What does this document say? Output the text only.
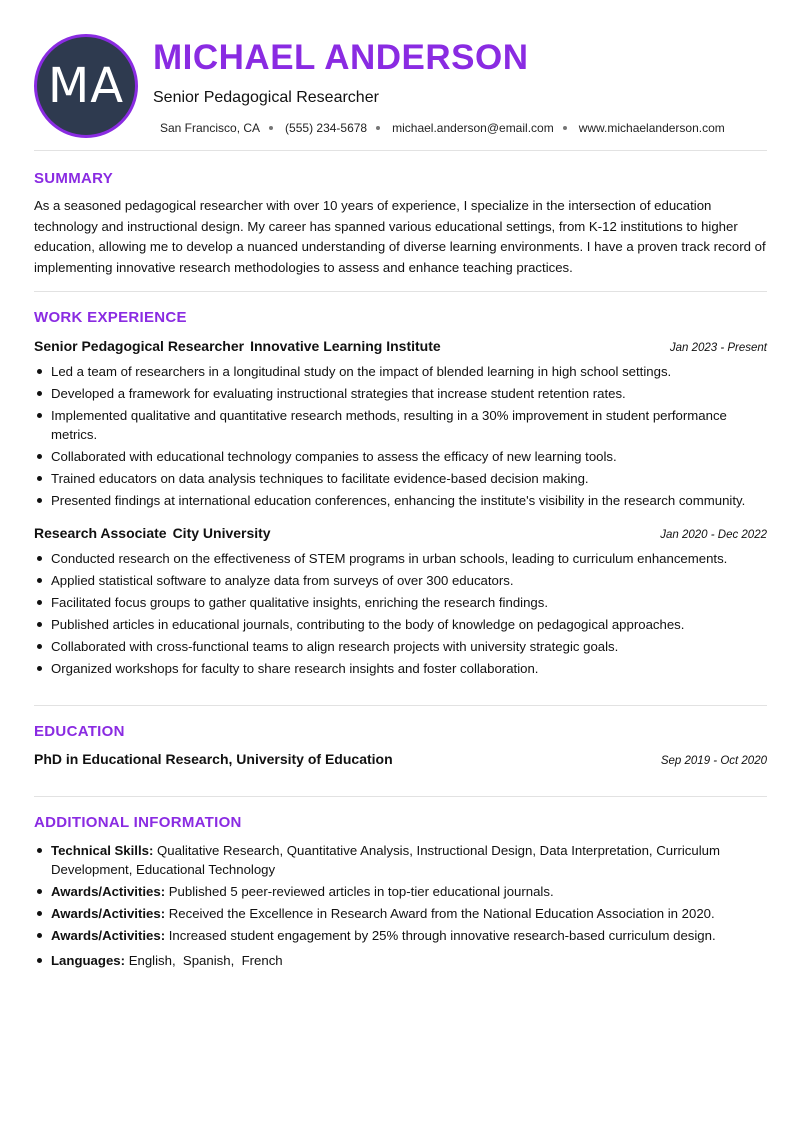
MA
MICHAEL ANDERSON
Senior Pedagogical Researcher
San Francisco, CA (555) 234-5678 michael.anderson@email.com www.michaelanderson.com
SUMMARY

As a seasoned pedagogical researcher with over 10 years of experience, I specialize in the intersection of education technology and instructional design. My career has spanned various educational settings, from K-12 institutions to higher education, allowing me to develop a nuanced understanding of diverse learning environments. I have a proven track record of implementing innovative research methodologies to assess and enhance teaching practices.

WORK EXPERIENCE
Senior Pedagogical Researcher Innovative Learning Institute	Jan 2023 - Present
Led a team of researchers in a longitudinal study on the impact of blended learning in high school settings.
Developed a framework for evaluating instructional strategies that increase student retention rates.
Implemented qualitative and quantitative research methods, resulting in a 30% improvement in student performance metrics.
Collaborated with educational technology companies to assess the efficacy of new learning tools.
Trained educators on data analysis techniques to facilitate evidence-based decision making.
Presented findings at international education conferences, enhancing the institute's visibility in the research community.
Research Associate City University	Jan 2020 - Dec 2022
Conducted research on the effectiveness of STEM programs in urban schools, leading to curriculum enhancements.
Applied statistical software to analyze data from surveys of over 300 educators.
Facilitated focus groups to gather qualitative insights, enriching the research findings.
Published articles in educational journals, contributing to the body of knowledge on pedagogical approaches.
Collaborated with cross-functional teams to align research projects with university strategic goals.
Organized workshops for faculty to share research insights and foster collaboration.
EDUCATION
PhD in Educational Research, University of Education	Sep 2019 - Oct 2020
ADDITIONAL INFORMATION
Technical Skills: Qualitative Research, Quantitative Analysis, Instructional Design, Data Interpretation, Curriculum Development, Educational Technology
Awards/Activities: Published 5 peer-reviewed articles in top-tier educational journals.
Awards/Activities: Received the Excellence in Research Award from the National Education Association in 2020.
Awards/Activities: Increased student engagement by 25% through innovative research-based curriculum design.
Languages: English,  Spanish,  French
